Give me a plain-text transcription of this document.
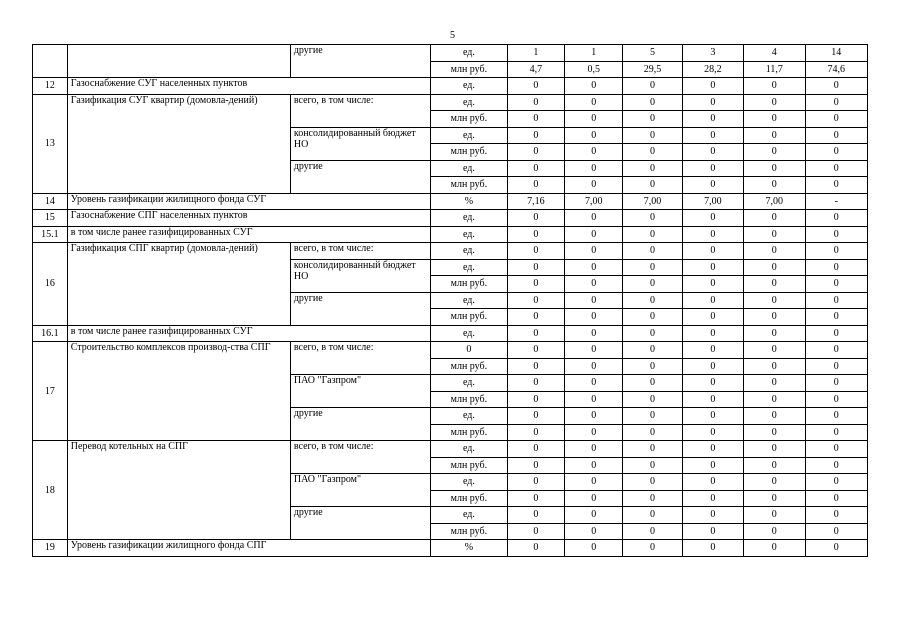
5
		другие	ед.	1	1	5	3	4	14
			млн руб.	4,7	0,5	29,5	28,2	11,7	74,6
12	Газоснабжение СУГ населенных пунктов		ед.	0	0	0	0	0	0
13	Газификация СУГ квартир (домовла-дений)	всего, в том числе:	ед.	0	0	0	0	0	0
			млн руб.	0	0	0	0	0	0
		консолидированный бюджет НО	ед.	0	0	0	0	0	0
			млн руб.	0	0	0	0	0	0
		другие	ед.	0	0	0	0	0	0
			млн руб.	0	0	0	0	0	0
14	Уровень газификации жилищного фонда СУГ		%	7,16	7,00	7,00	7,00	7,00	-
15	Газоснабжение СПГ населенных пунктов		ед.	0	0	0	0	0	0
15.1	в том числе ранее газифицированных СУГ		ед.	0	0	0	0	0	0
16	Газификация СПГ квартир (домовла-дений)	всего, в том числе:	ед.	0	0	0	0	0	0
		консолидированный бюджет НО	ед.	0	0	0	0	0	0
			млн руб.	0	0	0	0	0	0
		другие	ед.	0	0	0	0	0	0
			млн руб.	0	0	0	0	0	0
16.1	в том числе ранее газифицированных СУГ		ед.	0	0	0	0	0	0
17	Строительство комплексов производ-ства СПГ	всего, в том числе:	0	0	0	0	0	0	0
			млн руб.	0	0	0	0	0	0
		ПАО "Газпром"	ед.	0	0	0	0	0	0
			млн руб.	0	0	0	0	0	0
		другие	ед.	0	0	0	0	0	0
			млн руб.	0	0	0	0	0	0
18	Перевод котельных на СПГ	всего, в том числе:	ед.	0	0	0	0	0	0
			млн руб.	0	0	0	0	0	0
		ПАО "Газпром"	ед.	0	0	0	0	0	0
			млн руб.	0	0	0	0	0	0
		другие	ед.	0	0	0	0	0	0
			млн руб.	0	0	0	0	0	0
19	Уровень газификации жилищного фонда СПГ		%	0	0	0	0	0	0
